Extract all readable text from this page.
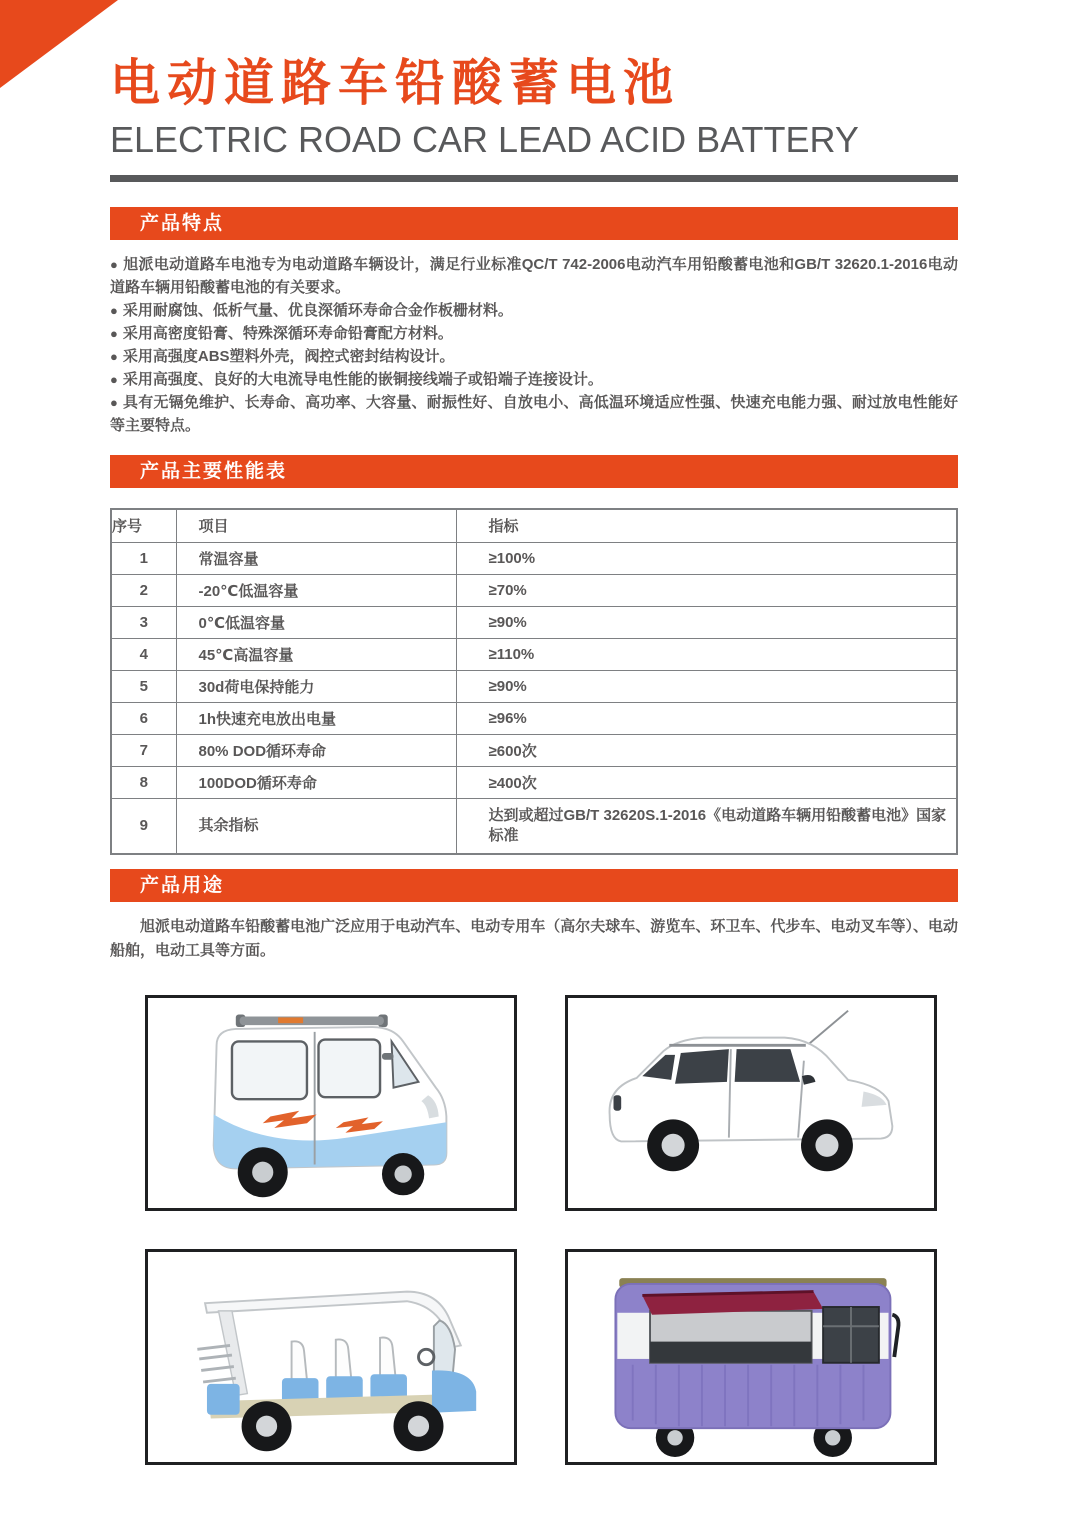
电动道路车铅酸蓄电池
ELECTRIC ROAD CAR LEAD ACID BATTERY
产品特点

● 旭派电动道路车电池专为电动道路车辆设计，满足行业标准QC/T 742-2006电动汽车用铅酸蓄电池和GB/T 32620.1-2016电动道路车辆用铅酸蓄电池的有关要求。

● 采用耐腐蚀、低析气量、优良深循环寿命合金作板栅材料。

● 采用高密度铅膏、特殊深循环寿命铅膏配方材料。

● 采用高强度ABS塑料外壳，阀控式密封结构设计。

● 采用高强度、良好的大电流导电性能的嵌铜接线端子或铅端子连接设计。

● 具有无镉免维护、长寿命、高功率、大容量、耐振性好、自放电小、高低温环境适应性强、快速充电能力强、耐过放电性能好等主要特点。

产品主要性能表
序号	项目	指标
1	常温容量	≥100%
2	-20℃低温容量	≥70%
3	0℃低温容量	≥90%
4	45℃高温容量	≥110%
5	30d荷电保持能力	≥90%
6	1h快速充电放出电量	≥96%
7	80% DOD循环寿命	≥600次
8	100DOD循环寿命	≥400次
9	其余指标	达到或超过GB/T 32620S.1-2016《电动道路车辆用铅酸蓄电池》国家标准
产品用途

旭派电动道路车铅酸蓄电池广泛应用于电动汽车、电动专用车（高尔夫球车、游览车、环卫车、代步车、电动叉车等）、电动船舶，电动工具等方面。
